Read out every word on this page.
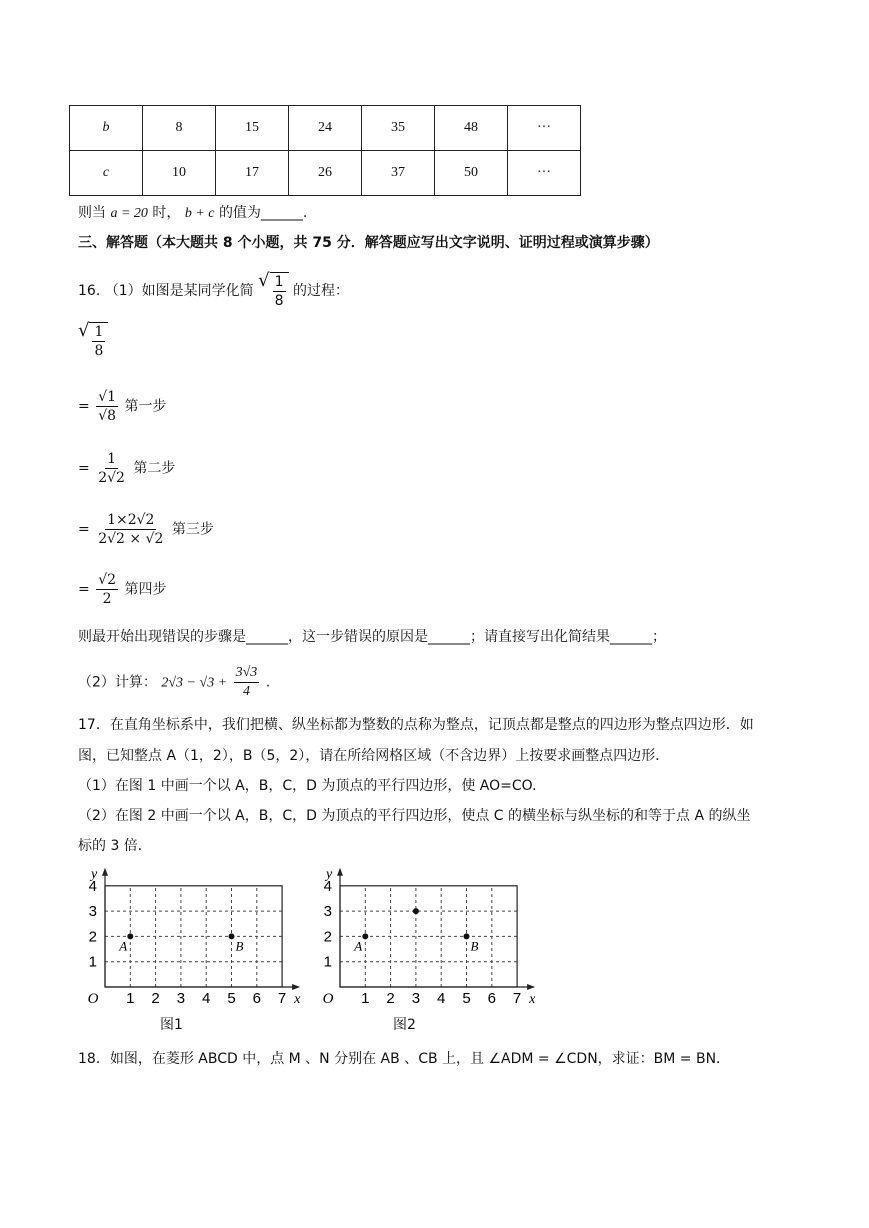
b	8	15	24	35	48	···
c	10	17	26	37	50	···
则当 a = 20 时， b + c 的值为______.
三、解答题（本大题共 8 个小题，共 75 分．解答题应写出文字说明、证明过程或演算步骤）
16. （1）如图是某同学化简 √ $\frac{1}{8}$ 的过程：
√ $\frac{1}{8}$
= $\frac{√1}{√8}$ 第一步
= $\frac{1}{2√2}$ 第二步
= $\frac{1\times 2√2}{2√2 \times √2}$ 第三步
= $\frac{√2}{2}$ 第四步
则最开始出现错误的步骤是______，这一步错误的原因是______；请直接写出化简结果______；
（2）计算： $2√3 - √3 + \frac{3√3}{4}$ .
17．在直角坐标系中，我们把横、纵坐标都为整数的点称为整点，记顶点都是整点的四边形为整点四边形．如
图，已知整点 A（1，2），B（5，2），请在所给网格区域（不含边界）上按要求画整点四边形．
（1）在图 1 中画一个以 A，B，C，D 为顶点的平行四边形，使 AO=CO.
（2）在图 2 中画一个以 A，B，C，D 为顶点的平行四边形，使点 C 的横坐标与纵坐标的和等于点 A 的纵坐
标的 3 倍．
1 2 3 4 5 6 7
1
2
3
4
O	x
y
A	B
1 2 3 4 5 6 7
1
2
3
4
O	x
y
A	B
图1	图2
18．如图，在菱形 ABCD 中，点 M 、N 分别在 AB 、CB 上，且 ∠ADM = ∠CDN，求证：BM = BN．
